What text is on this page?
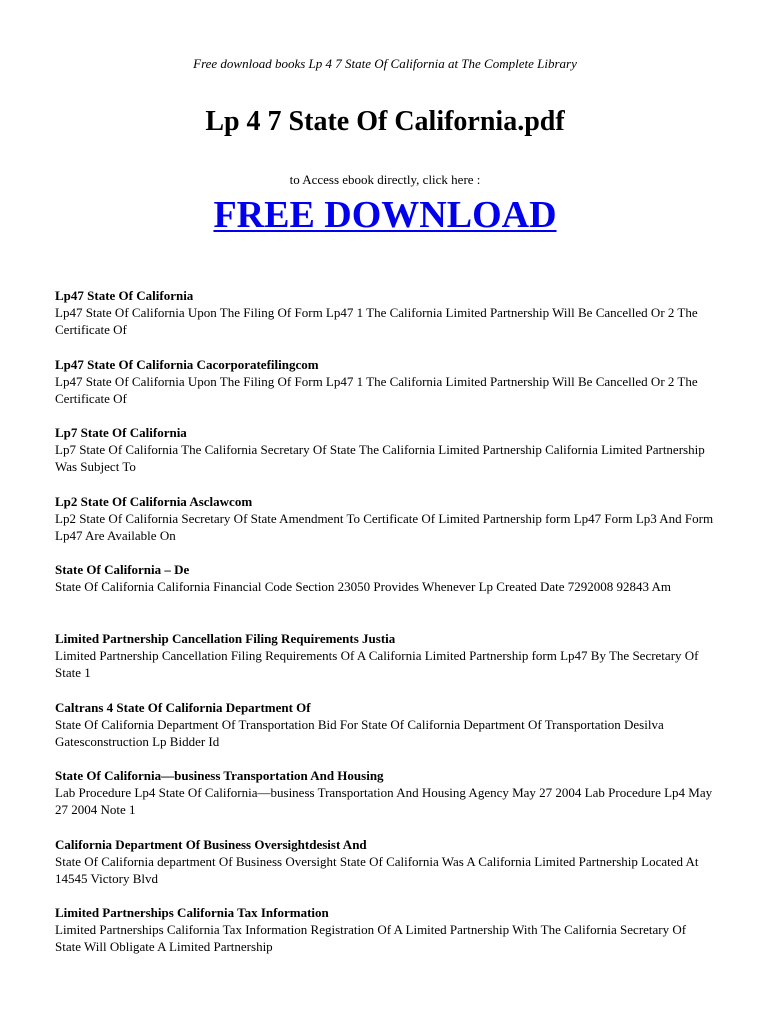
Free download books Lp 4 7 State Of California at The Complete Library
Lp 4 7 State Of California.pdf
to Access ebook directly, click here :
FREE DOWNLOAD
Lp47 State Of California
Lp47 State Of California Upon The Filing Of Form Lp47 1 The California Limited Partnership Will Be Cancelled Or 2 The Certificate Of
Lp47 State Of California Cacorporatefilingcom
Lp47 State Of California Upon The Filing Of Form Lp47 1 The California Limited Partnership Will Be Cancelled Or 2 The Certificate Of
Lp7 State Of California
Lp7 State Of California The California Secretary Of State The California Limited Partnership California Limited Partnership Was Subject To
Lp2 State Of California Asclawcom
Lp2 State Of California Secretary Of State Amendment To Certificate Of Limited Partnership form Lp47 Form Lp3 And Form Lp47 Are Available On
State Of California – De
State Of California California Financial Code Section 23050 Provides Whenever Lp Created Date 7292008 92843 Am
Limited Partnership Cancellation Filing Requirements Justia
Limited Partnership Cancellation Filing Requirements Of A California Limited Partnership form Lp47 By The Secretary Of State 1
Caltrans 4 State Of California Department Of
State Of California Department Of Transportation Bid For State Of California Department Of Transportation Desilva Gatesconstruction Lp Bidder Id
State Of California—business Transportation And Housing
Lab Procedure Lp4 State Of California—business Transportation And Housing Agency May 27 2004 Lab Procedure Lp4 May 27 2004 Note 1
California Department Of Business Oversightdesist And
State Of California department Of Business Oversight State Of California Was A California Limited Partnership Located At 14545 Victory Blvd
Limited Partnerships California Tax Information
Limited Partnerships California Tax Information Registration Of A Limited Partnership With The California Secretary Of State Will Obligate A Limited Partnership
